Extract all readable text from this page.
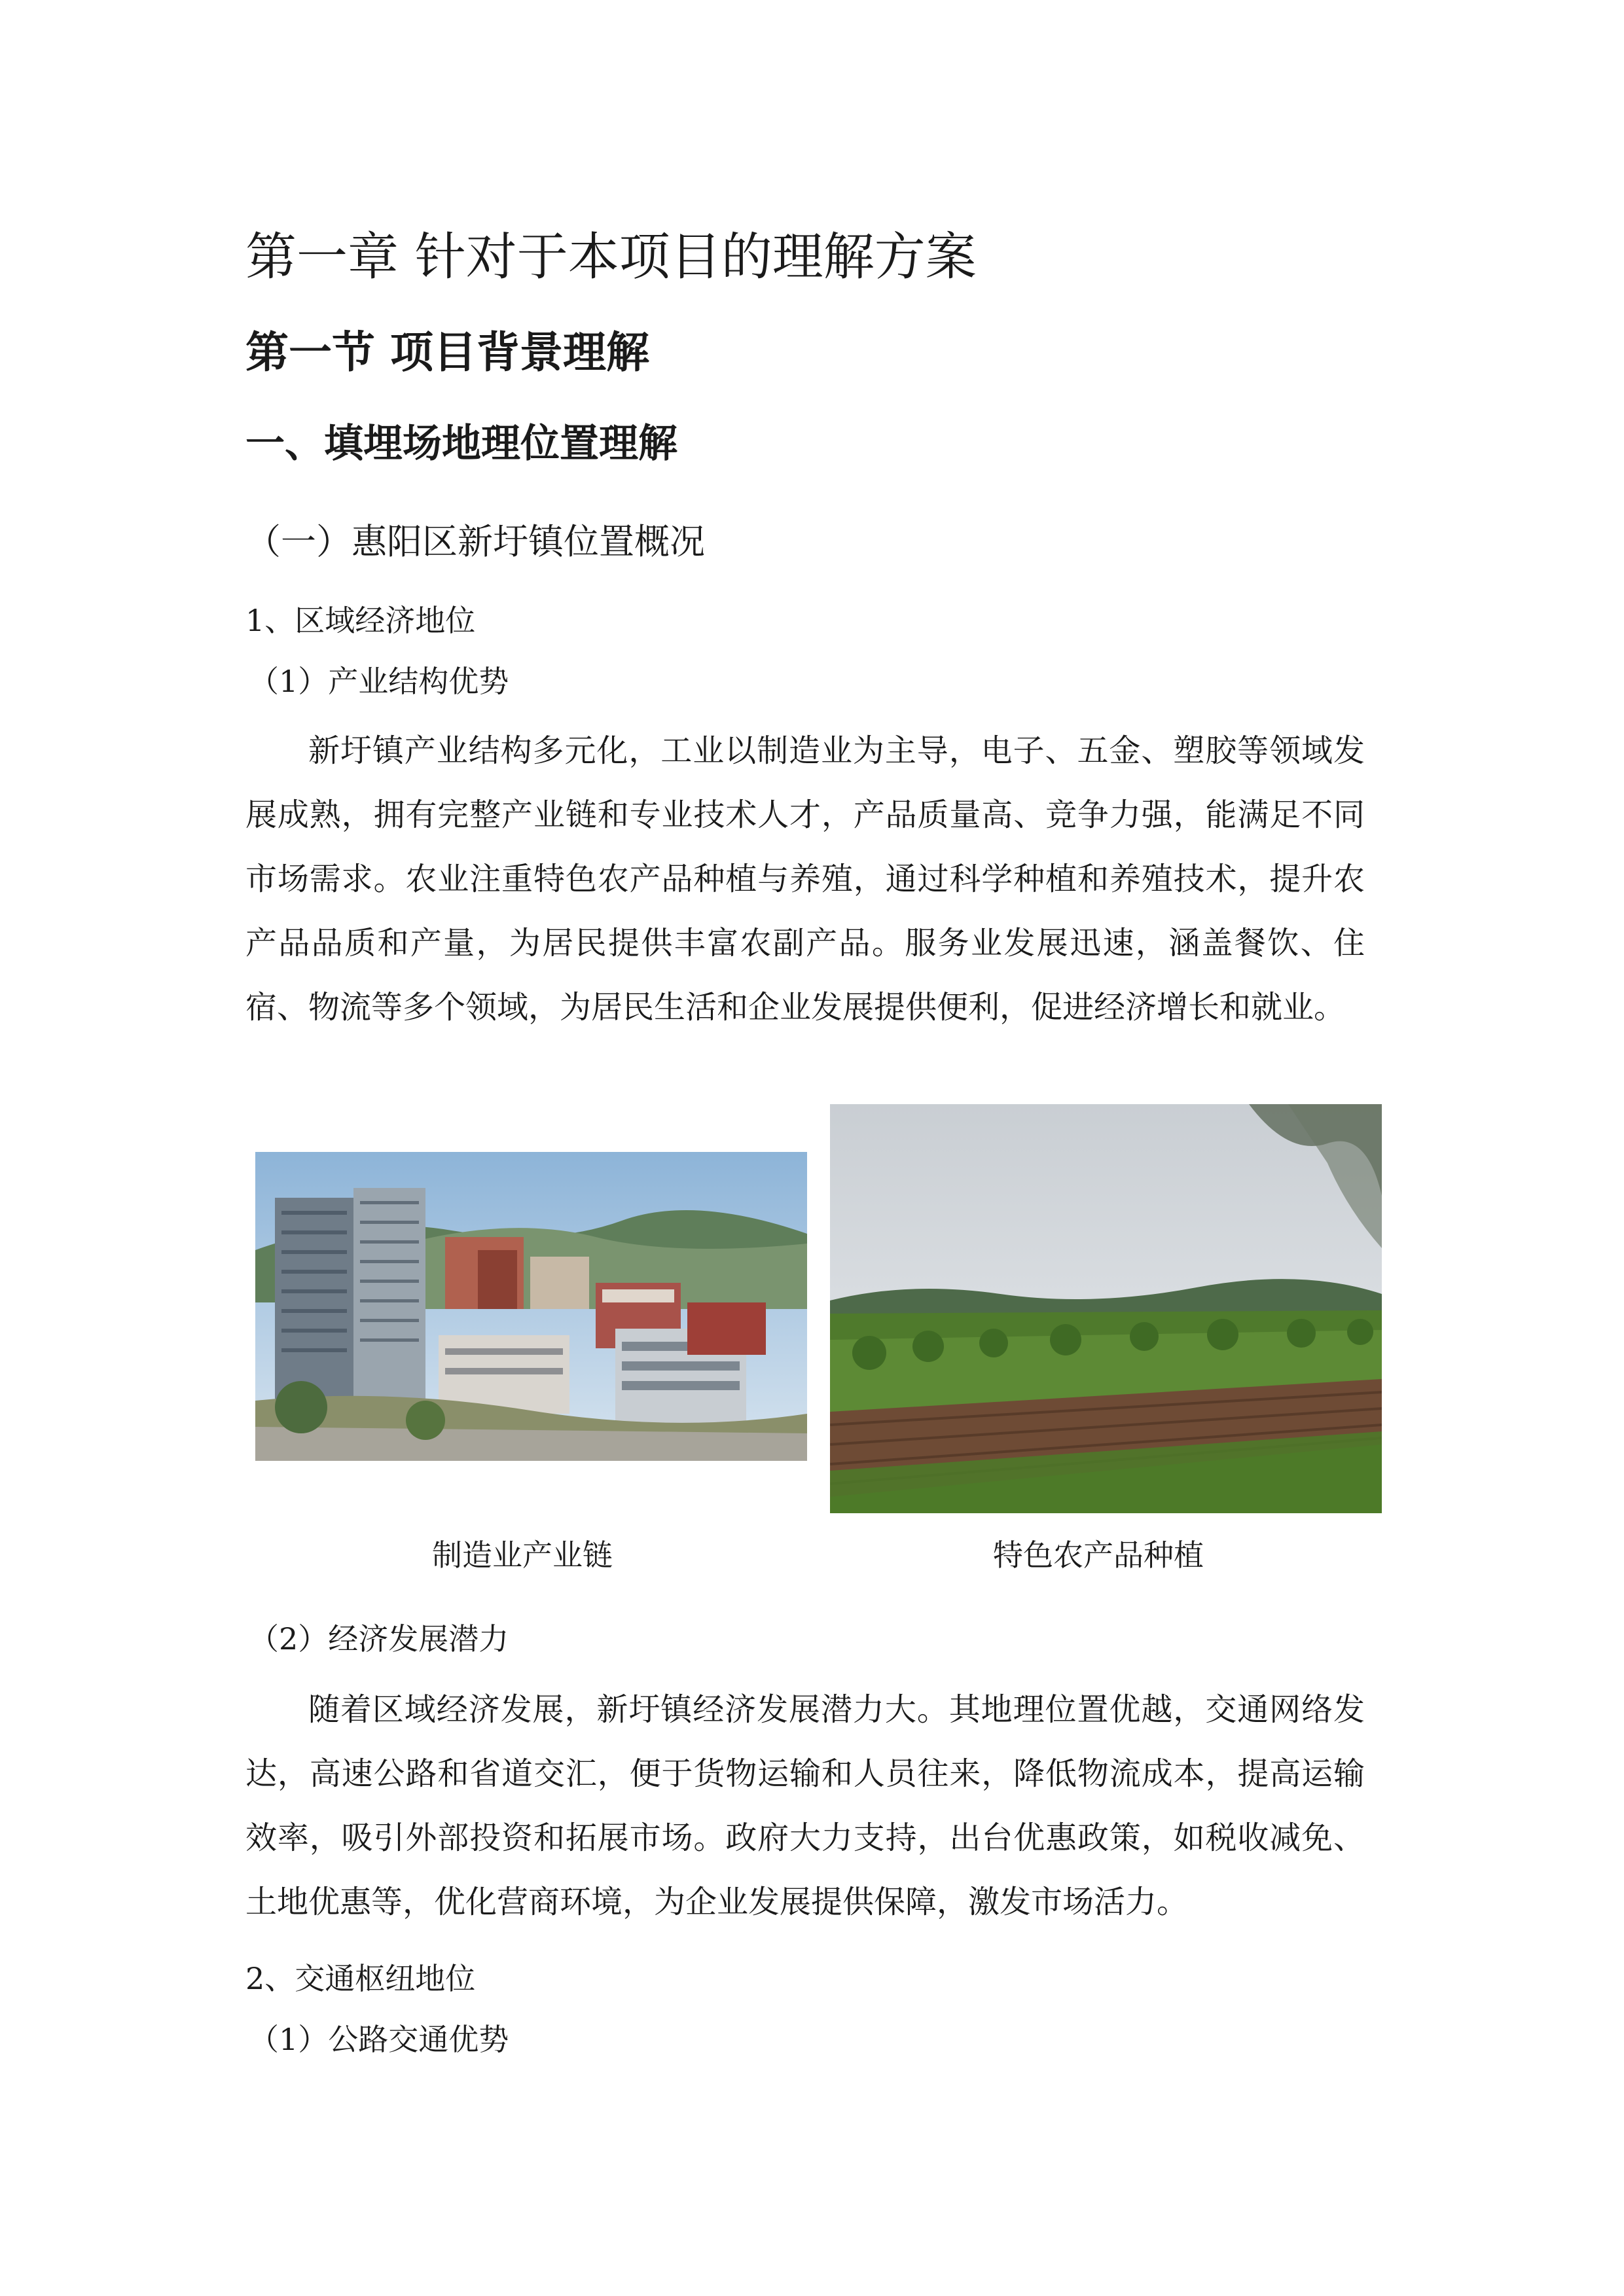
第一章 针对于本项目的理解方案
第一节 项目背景理解
一、填埋场地理位置理解
（一）惠阳区新圩镇位置概况
1、区域经济地位
（1）产业结构优势

新圩镇产业结构多元化，工业以制造业为主导，电子、五金、塑胶等领域发展成熟，拥有完整产业链和专业技术人才，产品质量高、竞争力强，能满足不同市场需求。农业注重特色农产品种植与养殖，通过科学种植和养殖技术，提升农产品品质和产量，为居民提供丰富农副产品。服务业发展迅速，涵盖餐饮、住宿、物流等多个领域，为居民生活和企业发展提供便利，促进经济增长和就业。

制造业产业链	特色农产品种植
（2）经济发展潜力

随着区域经济发展，新圩镇经济发展潜力大。其地理位置优越，交通网络发达，高速公路和省道交汇，便于货物运输和人员往来，降低物流成本，提高运输效率，吸引外部投资和拓展市场。政府大力支持，出台优惠政策，如税收减免、土地优惠等，优化营商环境，为企业发展提供保障，激发市场活力。

2、交通枢纽地位
（1）公路交通优势
